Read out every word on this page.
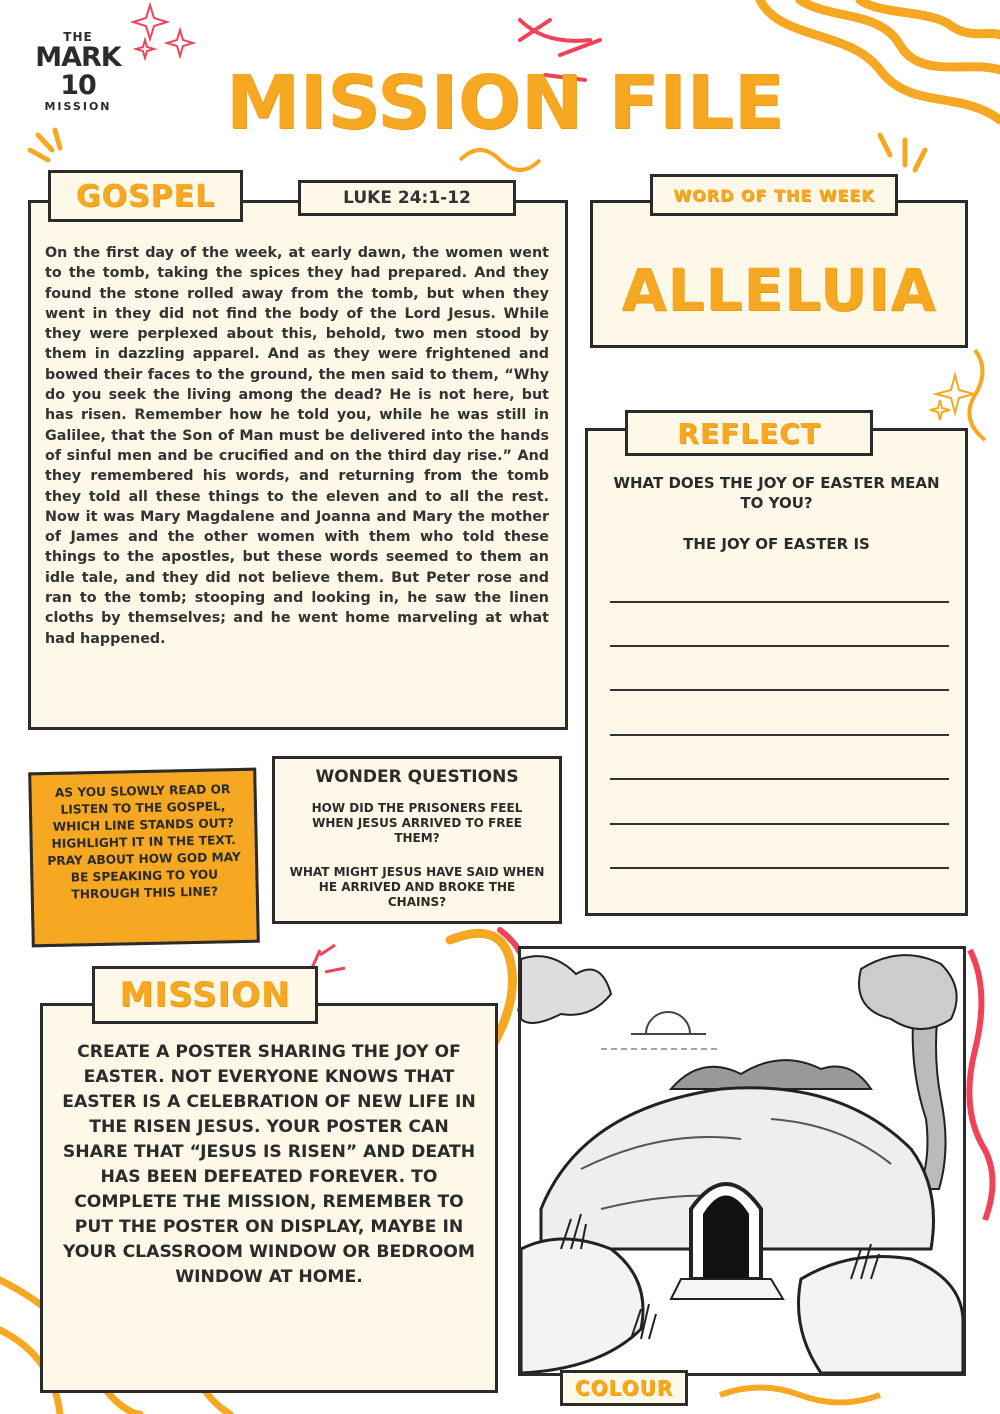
THE
MARK 10
MISSION	MISSION FILE
On the first day of the week, at early dawn, the women went to the tomb, taking the spices they had prepared. And they found the stone rolled away from the tomb, but when they went in they did not find the body of the Lord Jesus. While they were perplexed about this, behold, two men stood by them in dazzling apparel. And as they were frightened and bowed their faces to the ground, the men said to them, “Why do you seek the living among the dead? He is not here, but has risen. Remember how he told you, while he was still in Galilee, that the Son of Man must be delivered into the hands of sinful men and be crucified and on the third day rise.” And they remembered his words, and returning from the tomb they told all these things to the eleven and to all the rest. Now it was Mary Magdalene and Joanna and Mary the mother of James and the other women with them who told these things to the apostles, but these words seemed to them an idle tale, and they did not believe them. But Peter rose and ran to the tomb; stooping and looking in, he saw the linen cloths by themselves; and he went home marveling at what had happened.
GOSPEL	LUKE 24:1-12
ALLELUIA
WORD OF THE WEEK
WHAT DOES THE JOY OF EASTER MEAN TO YOU?
THE JOY OF EASTER IS
REFLECT
AS YOU SLOWLY READ OR LISTEN TO THE GOSPEL, WHICH LINE STANDS OUT? HIGHLIGHT IT IN THE TEXT. PRAY ABOUT HOW GOD MAY BE SPEAKING TO YOU THROUGH THIS LINE?
WONDER QUESTIONS
HOW DID THE PRISONERS FEEL WHEN JESUS ARRIVED TO FREE THEM?
WHAT MIGHT JESUS HAVE SAID WHEN HE ARRIVED AND BROKE THE CHAINS?
CREATE A POSTER SHARING THE JOY OF EASTER. NOT EVERYONE KNOWS THAT EASTER IS A CELEBRATION OF NEW LIFE IN THE RISEN JESUS. YOUR POSTER CAN SHARE THAT “JESUS IS RISEN” AND DEATH HAS BEEN DEFEATED FOREVER. TO COMPLETE THE MISSION, REMEMBER TO PUT THE POSTER ON DISPLAY, MAYBE IN YOUR CLASSROOM WINDOW OR BEDROOM WINDOW AT HOME.
MISSION
COLOUR
